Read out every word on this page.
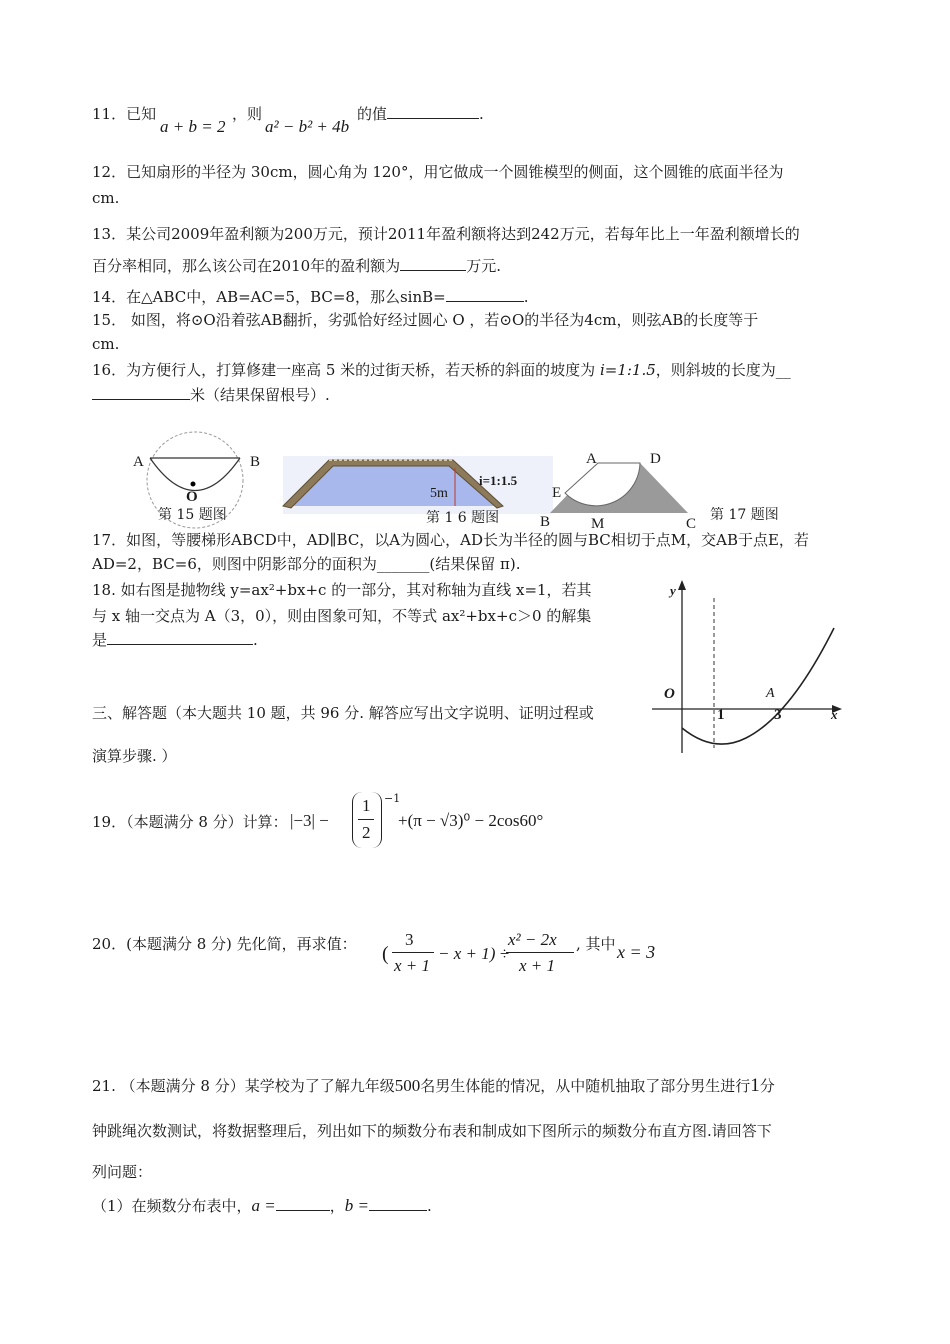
11．已知
a + b = 2
，则
a² − b² + 4b
的值	.
12．已知扇形的半径为 30cm，圆心角为 120°，用它做成一个圆锥模型的侧面，这个圆锥的底面半径为
cm.
13．某公司2009年盈利额为200万元，预计2011年盈利额将达到242万元，若每年比上一年盈利额增长的
百分率相同，那么该公司在2010年的盈利额为	万元.
14．在△ABC中，AB=AC=5，BC=8，那么sinB=	.
15． 如图，将⊙O沿着弦AB翻折，劣弧恰好经过圆心 O ，若⊙O的半径为4cm，则弦AB的长度等于
cm.
16．为方便行人，打算修建一座高 5 米的过街天桥，若天桥的斜面的坡度为 i=1:1.5，则斜坡的长度为__
米（结果保留根号）.
A	B
O
第 15 题图
5m
i=1:1.5
第 1 6 题图
A	D
E
B	M	C
第 17 题图
17．如图，等腰梯形ABCD中，AD∥BC，以A为圆心，AD长为半径的圆与BC相切于点M，交AB于点E，若
AD=2，BC=6，则图中阴影部分的面积为_______(结果保留 π).
18. 如右图是抛物线 y=ax²+bx+c 的一部分，其对称轴为直线 x=1，若其
与 x 轴一交点为 A（3，0），则由图象可知，不等式 ax²+bx+c＞0 的解集
是	.
y
x
O	A
1	3
三、解答题（本大题共 10 题，共 96 分. 解答应写出文字说明、证明过程或
演算步骤. ）
19．（本题满分 8 分）计算： |−3| −
1
2
−1
+(π − √3)⁰ − 2cos60°
20．(本题满分 8 分) 先化简，再求值： (
3
x + 1
− x + 1) ÷
x² − 2x
x + 1
, 其中 x = 3
21. （本题满分 8 分）某学校为了了解九年级500名男生体能的情况，从中随机抽取了部分男生进行1分
钟跳绳次数测试，将数据整理后，列出如下的频数分布表和制成如下图所示的频数分布直方图.请回答下
列问题：
（1）在频数分布表中，a =	，b =	.
